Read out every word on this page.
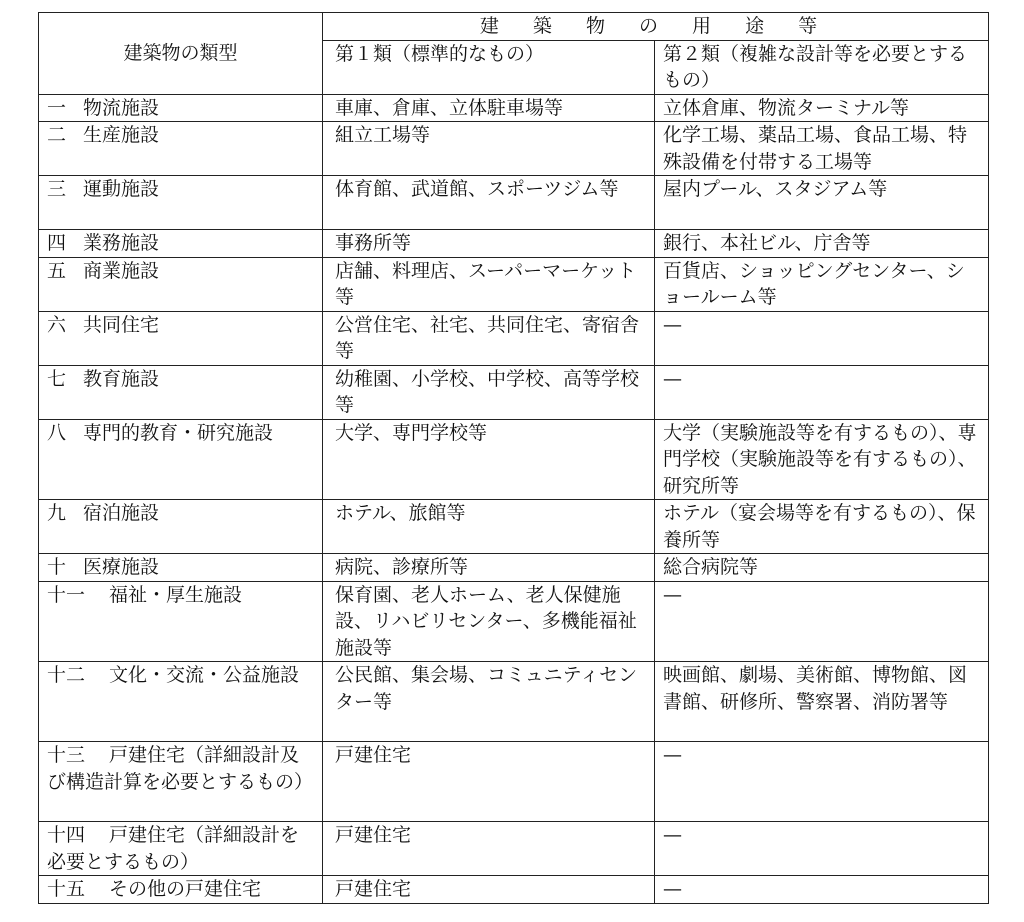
建築物の類型	建 築 物 の 用 途 等	
	第１類（標準的なもの）	第２類（複雑な設計等を必要とするもの）
一 物流施設	車庫、倉庫、立体駐車場等	立体倉庫、物流ターミナル等
二 生産施設	組立工場等	化学工場、薬品工場、食品工場、特殊設備を付帯する工場等
三 運動施設	体育館、武道館、スポーツジム等	屋内プール、スタジアム等
四 業務施設	事務所等	銀行、本社ビル、庁舎等
五 商業施設	店舗、料理店、スーパーマーケット等	百貨店、ショッピングセンター、ショールーム等
六 共同住宅	公営住宅、社宅、共同住宅、寄宿舎等	—
七 教育施設	幼稚園、小学校、中学校、高等学校等	—
八 専門的教育・研究施設	大学、専門学校等	大学（実験施設等を有するもの）、専門学校（実験施設等を有するもの）、研究所等
九 宿泊施設	ホテル、旅館等	ホテル（宴会場等を有するもの）、保養所等
十 医療施設	病院、診療所等	総合病院等
十一 福祉・厚生施設	保育園、老人ホーム、老人保健施設、リハビリセンター、多機能福祉施設等	—
十二 文化・交流・公益施設	公民館、集会場、コミュニティセンター等	映画館、劇場、美術館、博物館、図書館、研修所、警察署、消防署等
十三 戸建住宅（詳細設計及び構造計算を必要とするもの）	戸建住宅	—
十四 戸建住宅（詳細設計を必要とするもの）	戸建住宅	—
十五 その他の戸建住宅	戸建住宅	—
